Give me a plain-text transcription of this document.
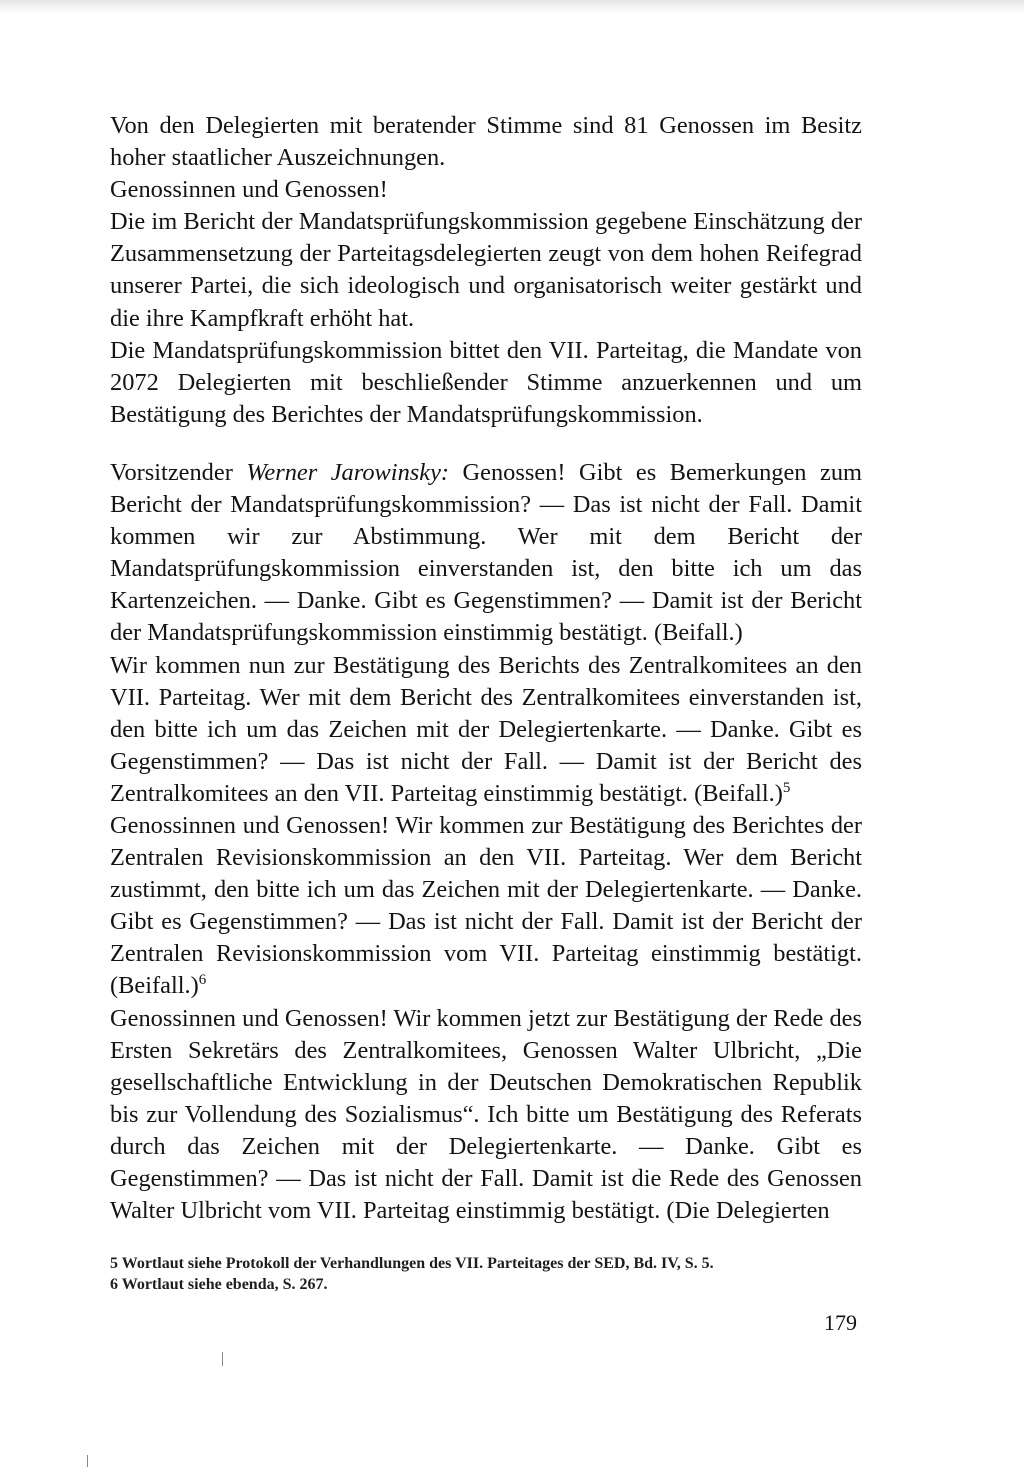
Von den Delegierten mit beratender Stimme sind 81 Genossen im Besitz hoher staatlicher Auszeichnungen.

Genossinnen und Genossen!

Die im Bericht der Mandatsprüfungskommission gegebene Einschätzung der Zusammensetzung der Parteitagsdelegierten zeugt von dem hohen Reifegrad unserer Partei, die sich ideologisch und organisatorisch weiter gestärkt und die ihre Kampfkraft erhöht hat.

Die Mandatsprüfungskommission bittet den VII. Parteitag, die Mandate von 2072 Delegierten mit beschließender Stimme anzuerkennen und um Bestätigung des Berichtes der Mandatsprüfungskommission.

Vorsitzender Werner Jarowinsky: Genossen! Gibt es Bemerkungen zum Bericht der Mandatsprüfungskommission? — Das ist nicht der Fall. Damit kommen wir zur Abstimmung. Wer mit dem Bericht der Mandatsprüfungskommission einverstanden ist, den bitte ich um das Kartenzeichen. — Danke. Gibt es Gegenstimmen? — Damit ist der Bericht der Mandatsprüfungskommission einstimmig bestätigt. (Beifall.)

Wir kommen nun zur Bestätigung des Berichts des Zentralkomitees an den VII. Parteitag. Wer mit dem Bericht des Zentralkomitees einverstanden ist, den bitte ich um das Zeichen mit der Delegiertenkarte. — Danke. Gibt es Gegenstimmen? — Das ist nicht der Fall. — Damit ist der Bericht des Zentralkomitees an den VII. Parteitag einstimmig bestätigt. (Beifall.)$^5$

Genossinnen und Genossen! Wir kommen zur Bestätigung des Berichtes der Zentralen Revisionskommission an den VII. Parteitag. Wer dem Bericht zustimmt, den bitte ich um das Zeichen mit der Delegiertenkarte. — Danke. Gibt es Gegenstimmen? — Das ist nicht der Fall. Damit ist der Bericht der Zentralen Revisionskommission vom VII. Parteitag einstimmig bestätigt. (Beifall.)$^6$

Genossinnen und Genossen! Wir kommen jetzt zur Bestätigung der Rede des Ersten Sekretärs des Zentralkomitees, Genossen Walter Ulbricht, „Die gesellschaftliche Entwicklung in der Deutschen Demokratischen Republik bis zur Vollendung des Sozialismus“. Ich bitte um Bestätigung des Referats durch das Zeichen mit der Delegiertenkarte. — Danke. Gibt es Gegenstimmen? — Das ist nicht der Fall. Damit ist die Rede des Genossen Walter Ulbricht vom VII. Parteitag einstimmig bestätigt. (Die Delegierten

5 Wortlaut siehe Protokoll der Verhandlungen des VII. Parteitages der SED, Bd. IV, S. 5.

6 Wortlaut siehe ebenda, S. 267.

179
